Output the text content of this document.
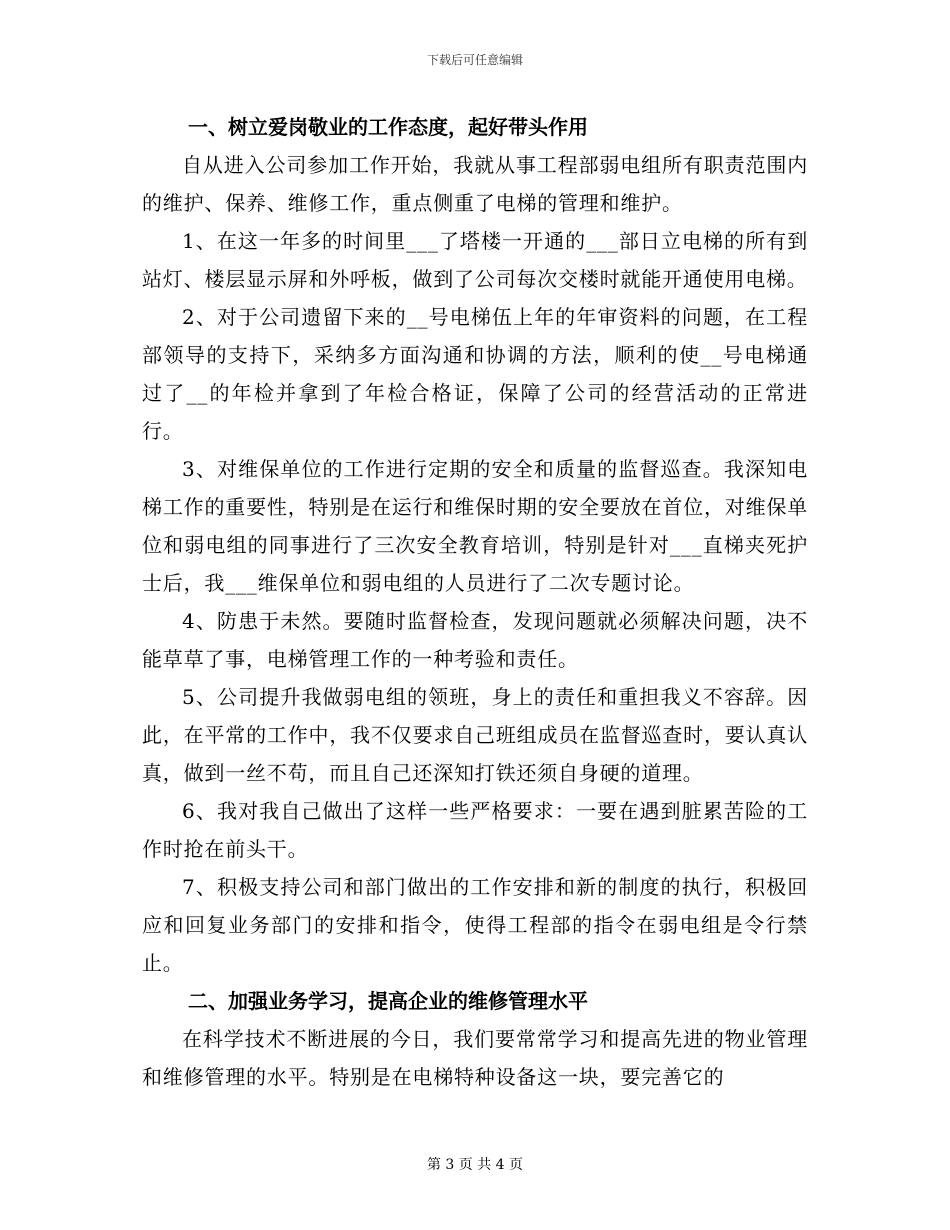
下载后可任意编辑
一、树立爱岗敬业的工作态度，起好带头作用

自从进入公司参加工作开始，我就从事工程部弱电组所有职责范围内的维护、保养、维修工作，重点侧重了电梯的管理和维护。

1、在这一年多的时间里___了塔楼一开通的___部日立电梯的所有到站灯、楼层显示屏和外呼板，做到了公司每次交楼时就能开通使用电梯。

2、对于公司遗留下来的__号电梯伍上年的年审资料的问题，在工程部领导的支持下，采纳多方面沟通和协调的方法，顺利的使__号电梯通过了__的年检并拿到了年检合格证，保障了公司的经营活动的正常进行。

3、对维保单位的工作进行定期的安全和质量的监督巡查。我深知电梯工作的重要性，特别是在运行和维保时期的安全要放在首位，对维保单位和弱电组的同事进行了三次安全教育培训，特别是针对___直梯夹死护士后，我___维保单位和弱电组的人员进行了二次专题讨论。

4、防患于未然。要随时监督检查，发现问题就必须解决问题，决不能草草了事，电梯管理工作的一种考验和责任。

5、公司提升我做弱电组的领班，身上的责任和重担我义不容辞。因此，在平常的工作中，我不仅要求自己班组成员在监督巡查时，要认真认真，做到一丝不苟，而且自己还深知打铁还须自身硬的道理。

6、我对我自己做出了这样一些严格要求：一要在遇到脏累苦险的工作时抢在前头干。

7、积极支持公司和部门做出的工作安排和新的制度的执行，积极回应和回复业务部门的安排和指令，使得工程部的指令在弱电组是令行禁止。

二、加强业务学习，提高企业的维修管理水平

在科学技术不断进展的今日，我们要常常学习和提高先进的物业管理和维修管理的水平。特别是在电梯特种设备这一块，要完善它的

第 3 页 共 4 页
